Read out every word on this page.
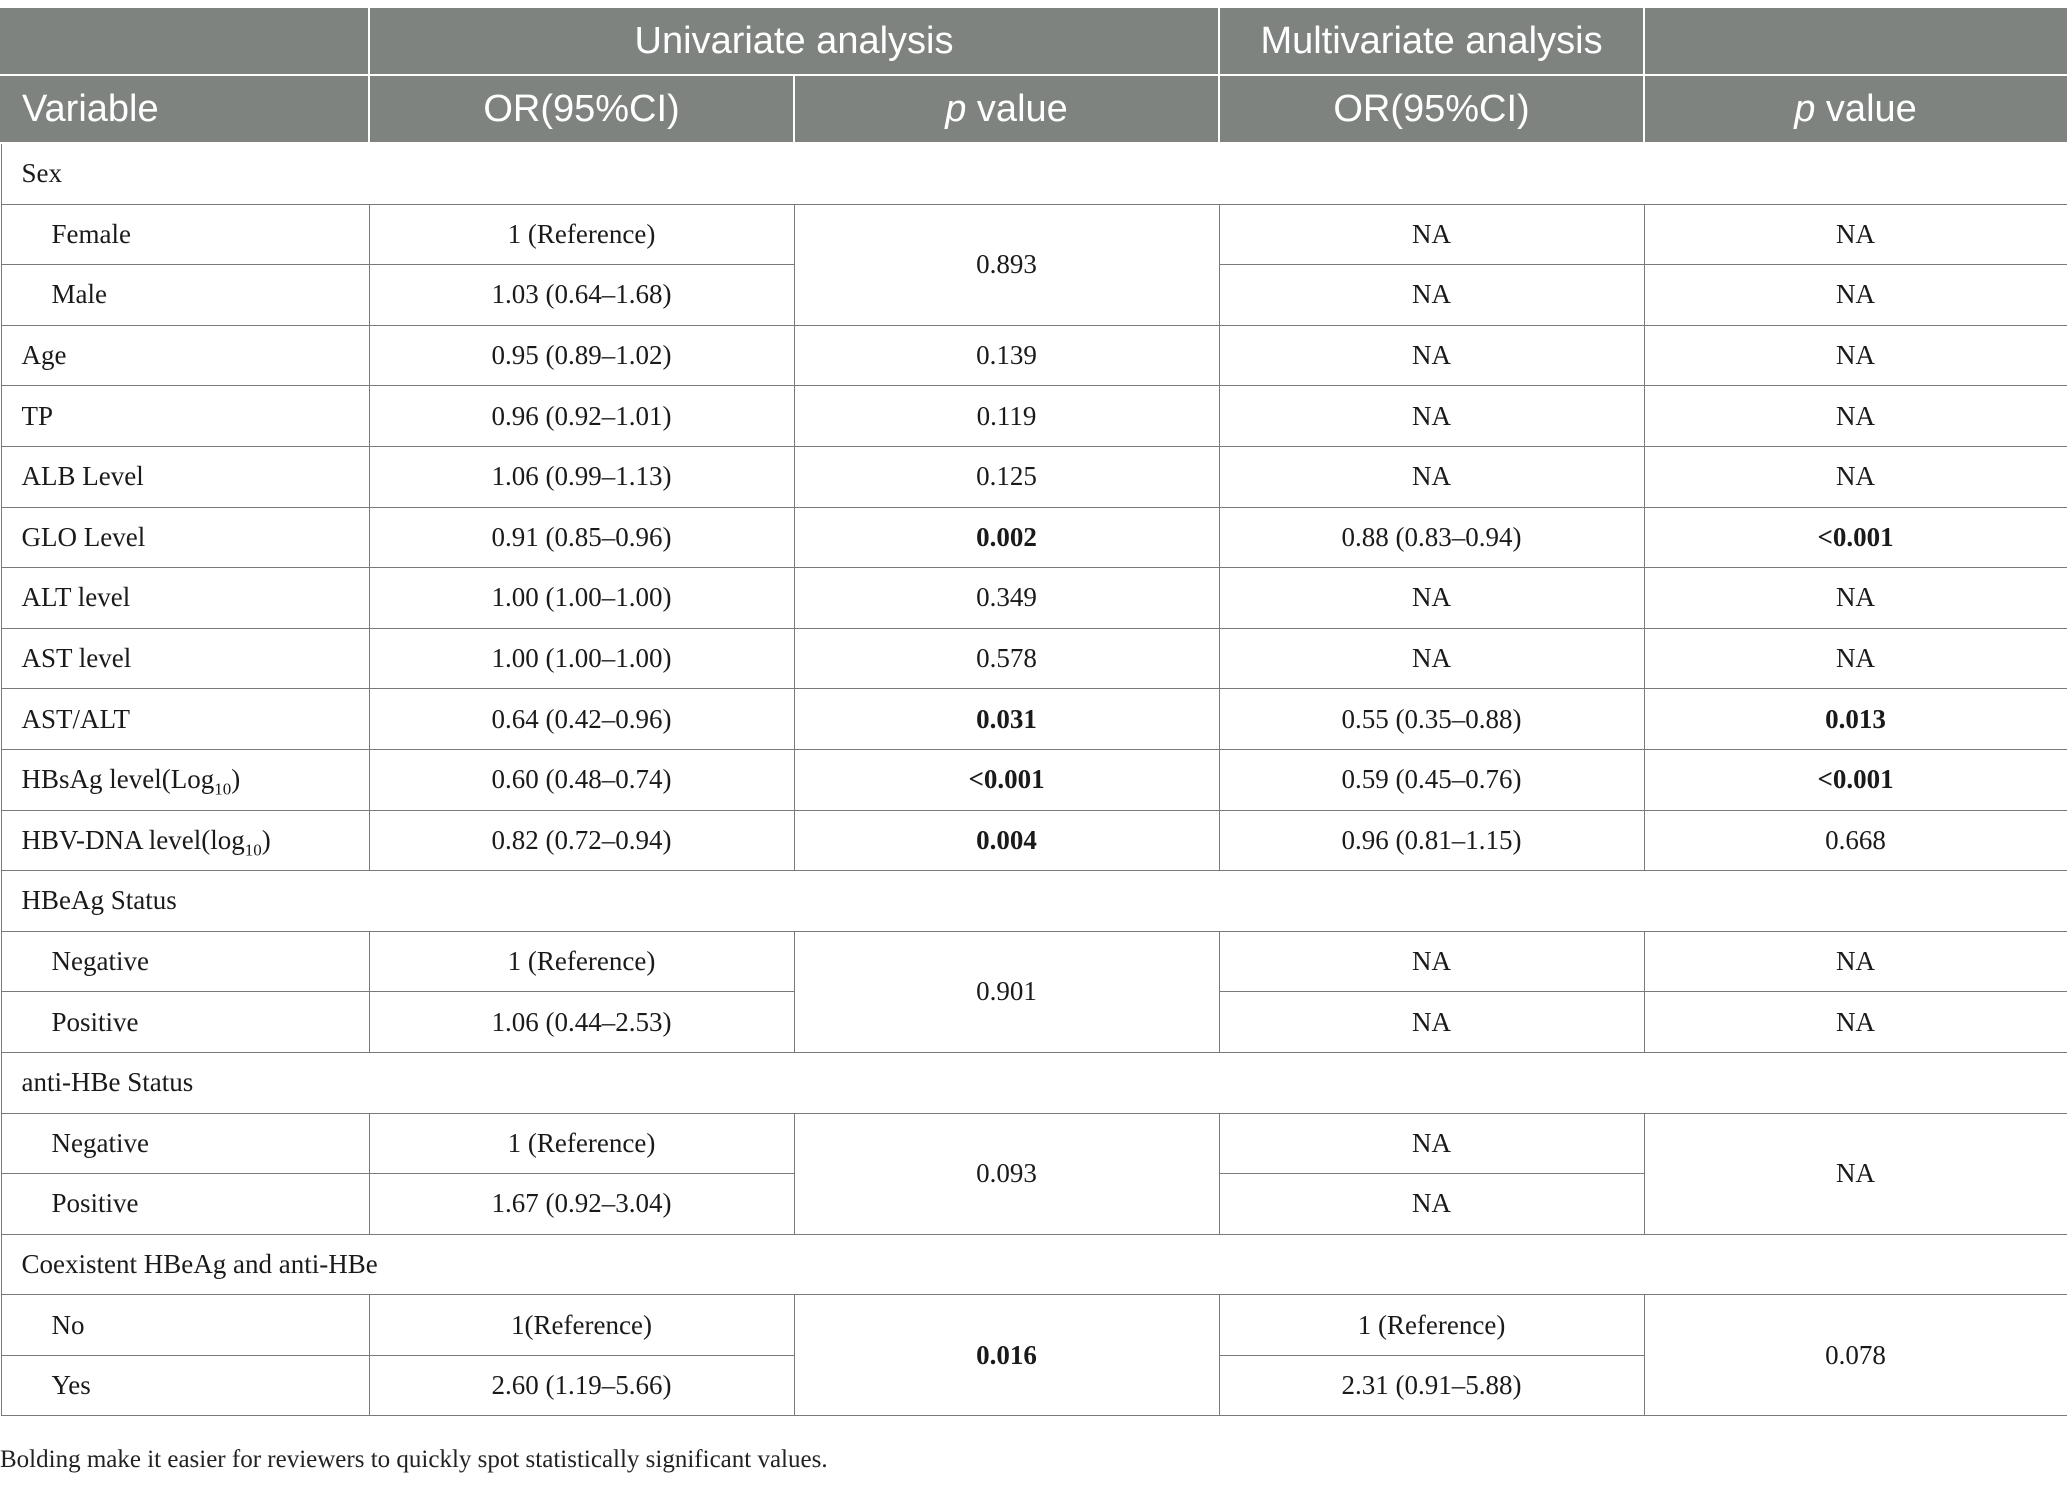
	Univariate analysis		Multivariate analysis	
Variable	OR(95%CI)	p value	OR(95%CI)	p value
Sex				
Female	1 (Reference)	0.893	NA	NA
Male	1.03 (0.64–1.68)		NA	NA
Age	0.95 (0.89–1.02)	0.139	NA	NA
TP	0.96 (0.92–1.01)	0.119	NA	NA
ALB Level	1.06 (0.99–1.13)	0.125	NA	NA
GLO Level	0.91 (0.85–0.96)	0.002	0.88 (0.83–0.94)	<0.001
ALT level	1.00 (1.00–1.00)	0.349	NA	NA
AST level	1.00 (1.00–1.00)	0.578	NA	NA
AST/ALT	0.64 (0.42–0.96)	0.031	0.55 (0.35–0.88)	0.013
HBsAg level(Log$_{10}$)	0.60 (0.48–0.74)	<0.001	0.59 (0.45–0.76)	<0.001
HBV-DNA $level(\log_{10})$	0.82 (0.72–0.94)	0.004	0.96 (0.81–1.15)	0.668
HBeAg Status				
Negative	1 (Reference)	0.901	NA	NA
Positive	1.06 (0.44–2.53)		NA	NA
anti-HBe Status				
Negative	1 (Reference)	0.093	NA	NA
Positive	1.67 (0.92–3.04)		NA	
Coexistent HBeAg and anti-HBe				
No	1(Reference)	0.016	1 (Reference)	0.078
Yes	2.60 (1.19–5.66)		2.31 (0.91–5.88)	
Bolding make it easier for reviewers to quickly spot statistically significant values.
